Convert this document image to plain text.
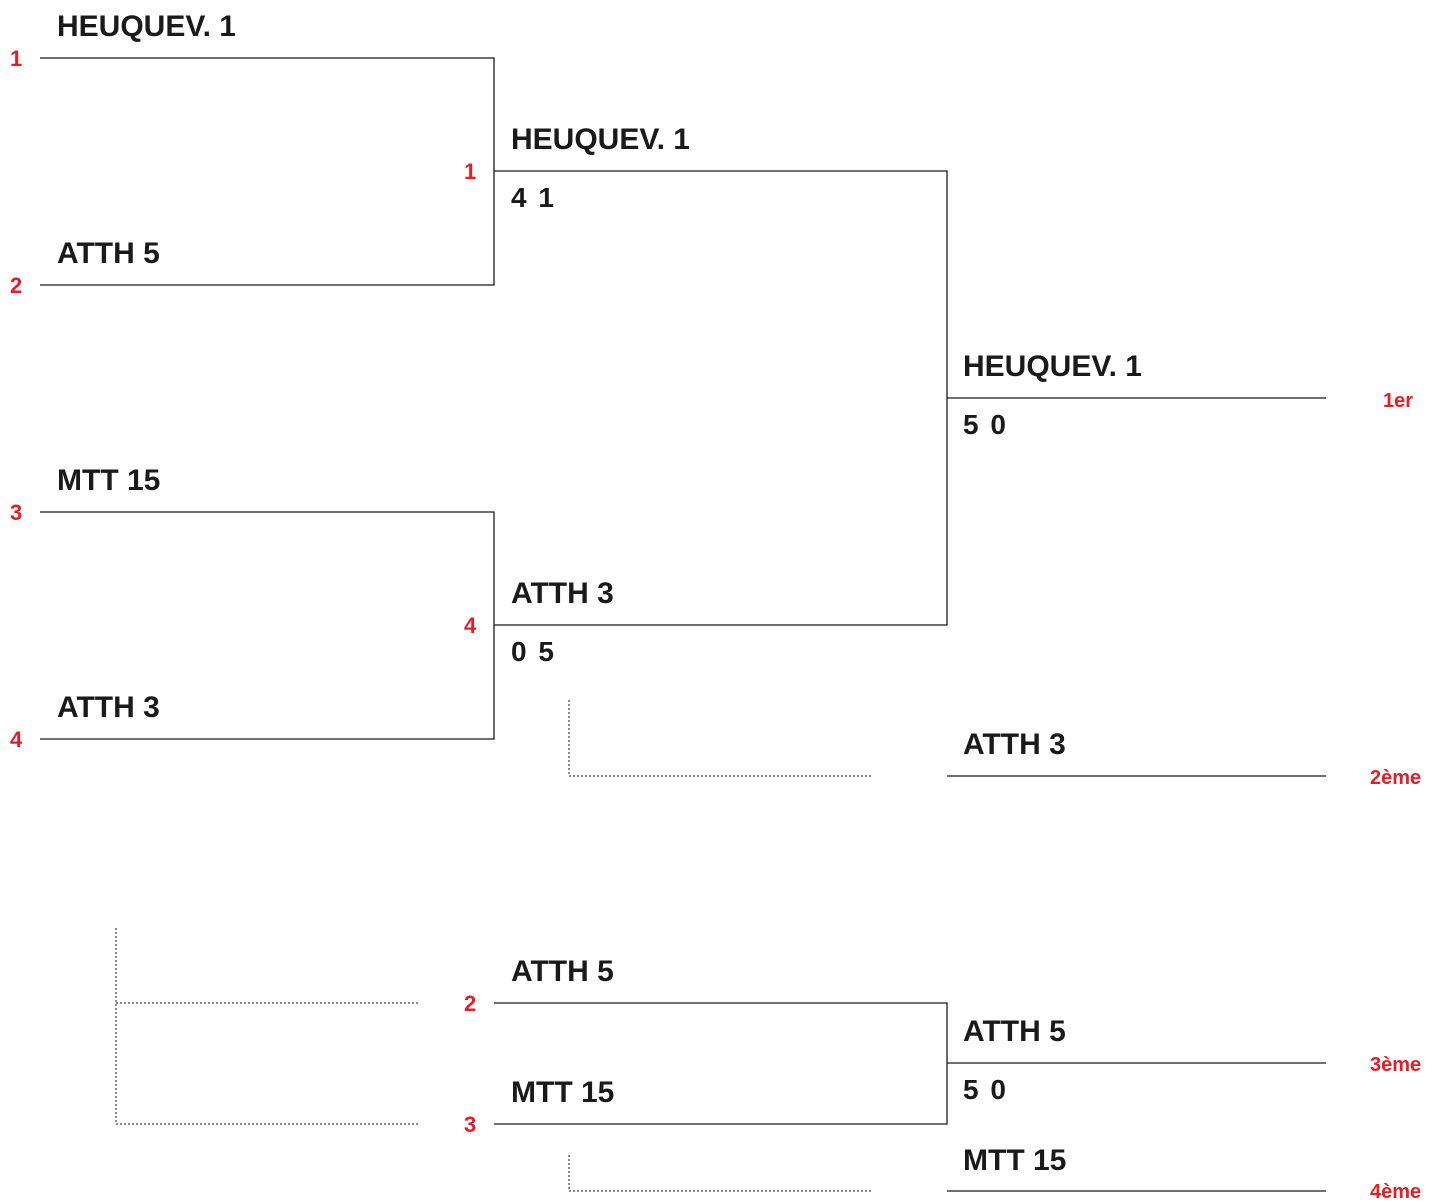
1
HEUQUEV. 1
2
ATTH 5
3
MTT 15
4
ATTH 3
1
HEUQUEV. 1
4 1
4
ATTH 3
0 5
HEUQUEV. 1
5 0
1er
ATTH 3
2ème
ATTH 5
2
MTT 15
3
ATTH 5
5 0
3ème
MTT 15
4ème
